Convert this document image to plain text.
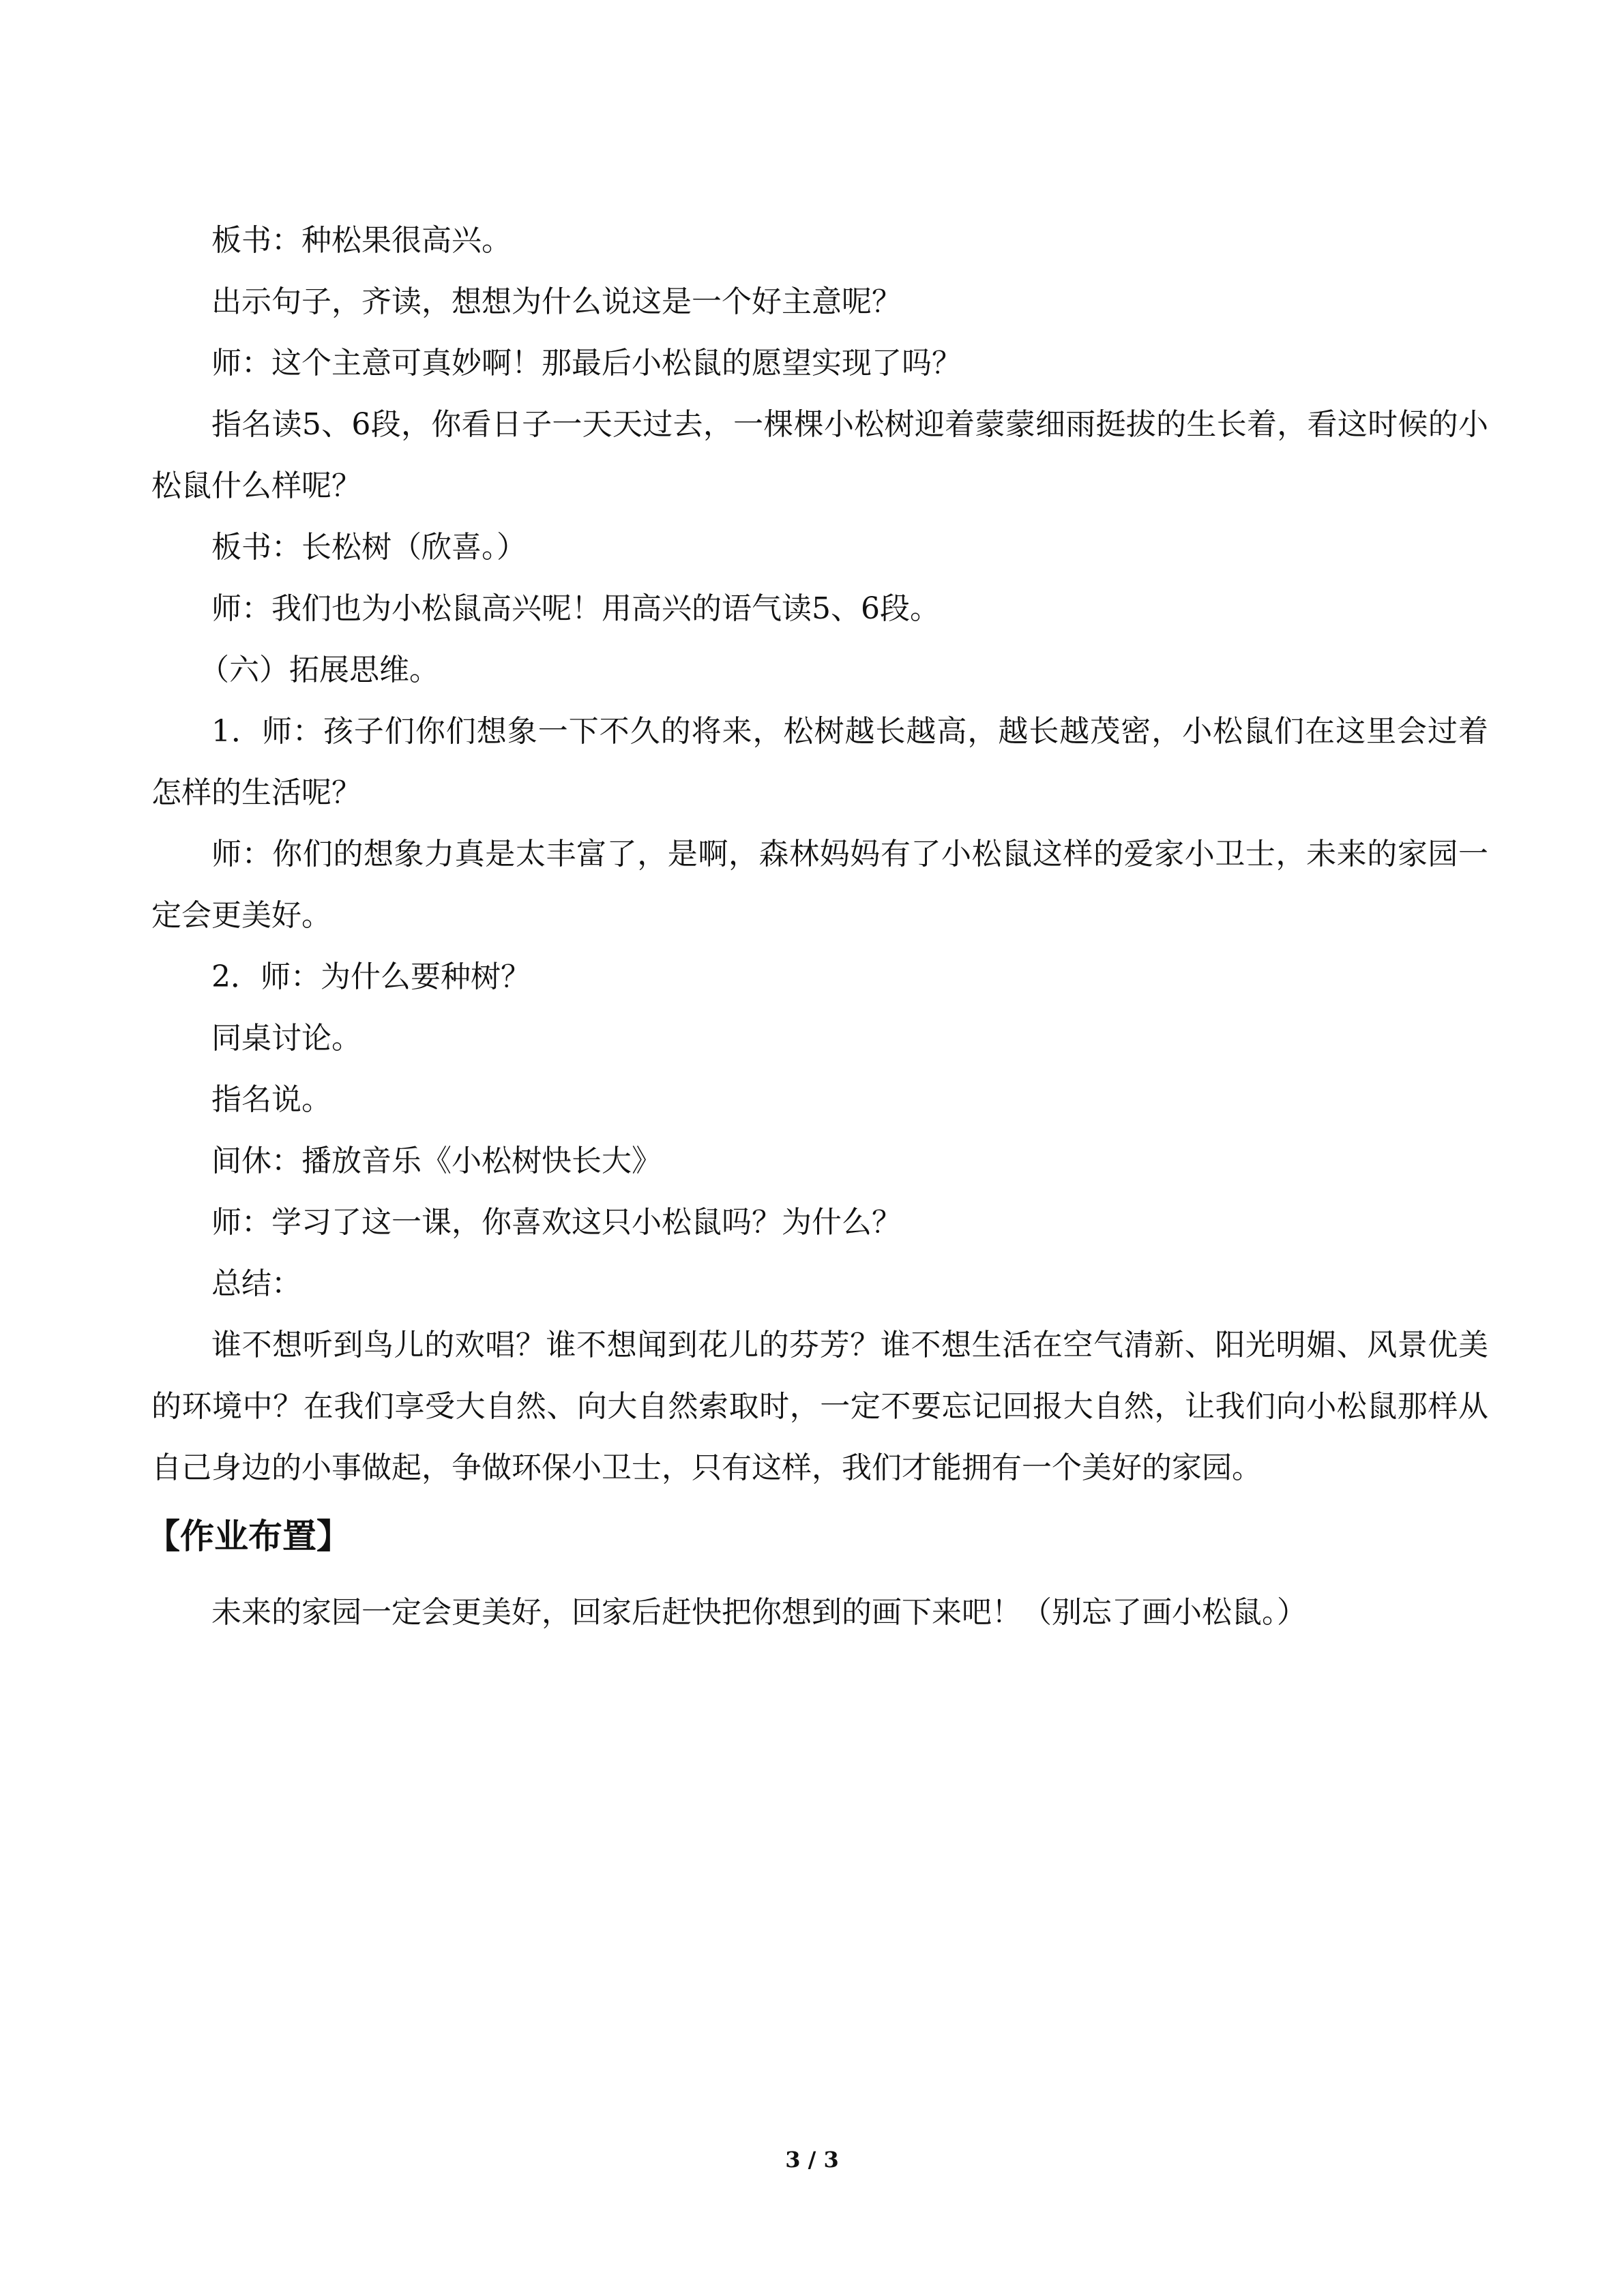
板书：种松果很高兴。

出示句子，齐读，想想为什么说这是一个好主意呢？

师：这个主意可真妙啊！那最后小松鼠的愿望实现了吗？

指名读5、6段，你看日子一天天过去，一棵棵小松树迎着蒙蒙细雨挺拔的生长着，看这时候的小松鼠什么样呢？

板书：长松树（欣喜。）

师：我们也为小松鼠高兴呢！用高兴的语气读5、6段。

（六）拓展思维。

1．师：孩子们你们想象一下不久的将来，松树越长越高，越长越茂密，小松鼠们在这里会过着怎样的生活呢？

师：你们的想象力真是太丰富了，是啊，森林妈妈有了小松鼠这样的爱家小卫士，未来的家园一定会更美好。

2．师：为什么要种树？

同桌讨论。

指名说。

间休：播放音乐《小松树快长大》

师：学习了这一课，你喜欢这只小松鼠吗？为什么？

总结：

谁不想听到鸟儿的欢唱？谁不想闻到花儿的芬芳？谁不想生活在空气清新、阳光明媚、风景优美的环境中？在我们享受大自然、向大自然索取时，一定不要忘记回报大自然，让我们向小松鼠那样从自己身边的小事做起，争做环保小卫士，只有这样，我们才能拥有一个美好的家园。

【作业布置】

未来的家园一定会更美好，回家后赶快把你想到的画下来吧！（别忘了画小松鼠。）

3 / 3
